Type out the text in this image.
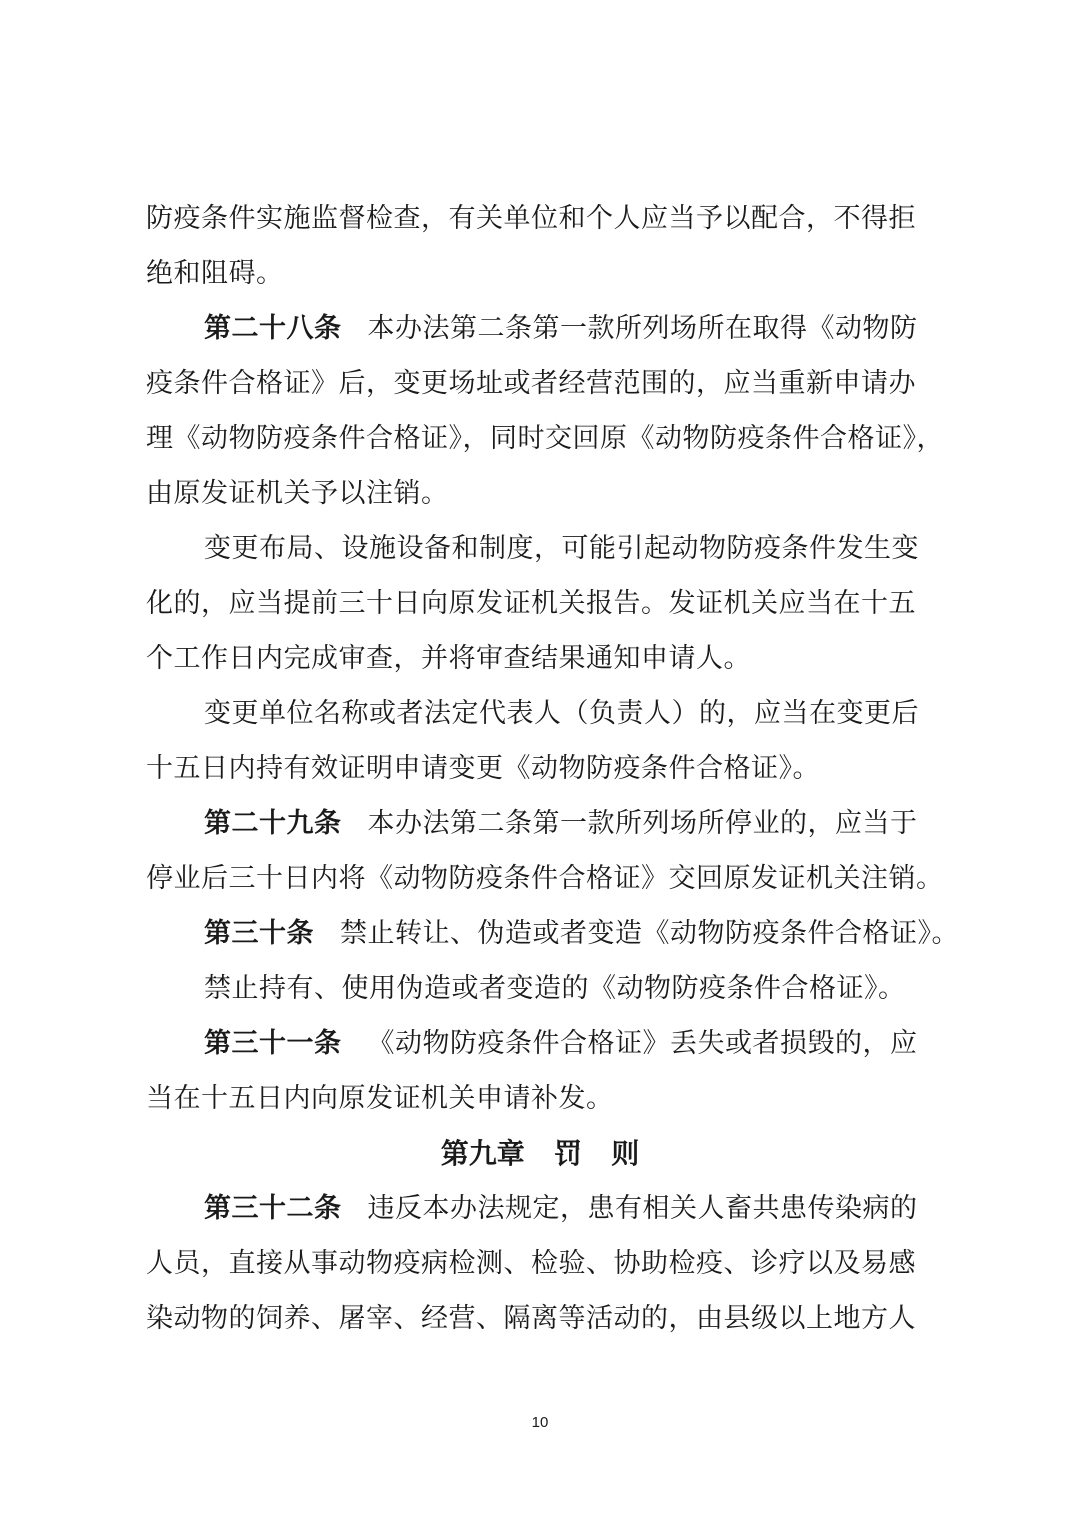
防疫条件实施监督检查，有关单位和个人应当予以配合，不得拒
绝和阻碍。
第二十八条 本办法第二条第一款所列场所在取得《动物防
疫条件合格证》后，变更场址或者经营范围的，应当重新申请办
理《动物防疫条件合格证》，同时交回原《动物防疫条件合格证》，
由原发证机关予以注销。
变更布局、设施设备和制度，可能引起动物防疫条件发生变
化的，应当提前三十日向原发证机关报告。发证机关应当在十五
个工作日内完成审查，并将审查结果通知申请人。
变更单位名称或者法定代表人（负责人）的，应当在变更后
十五日内持有效证明申请变更《动物防疫条件合格证》。
第二十九条 本办法第二条第一款所列场所停业的，应当于
停业后三十日内将《动物防疫条件合格证》交回原发证机关注销。
第三十条 禁止转让、伪造或者变造《动物防疫条件合格证》。
禁止持有、使用伪造或者变造的《动物防疫条件合格证》。
第三十一条 《动物防疫条件合格证》丢失或者损毁的，应
当在十五日内向原发证机关申请补发。
第九章   罚   则
第三十二条 违反本办法规定，患有相关人畜共患传染病的
人员，直接从事动物疫病检测、检验、协助检疫、诊疗以及易感
染动物的饲养、屠宰、经营、隔离等活动的，由县级以上地方人
10
